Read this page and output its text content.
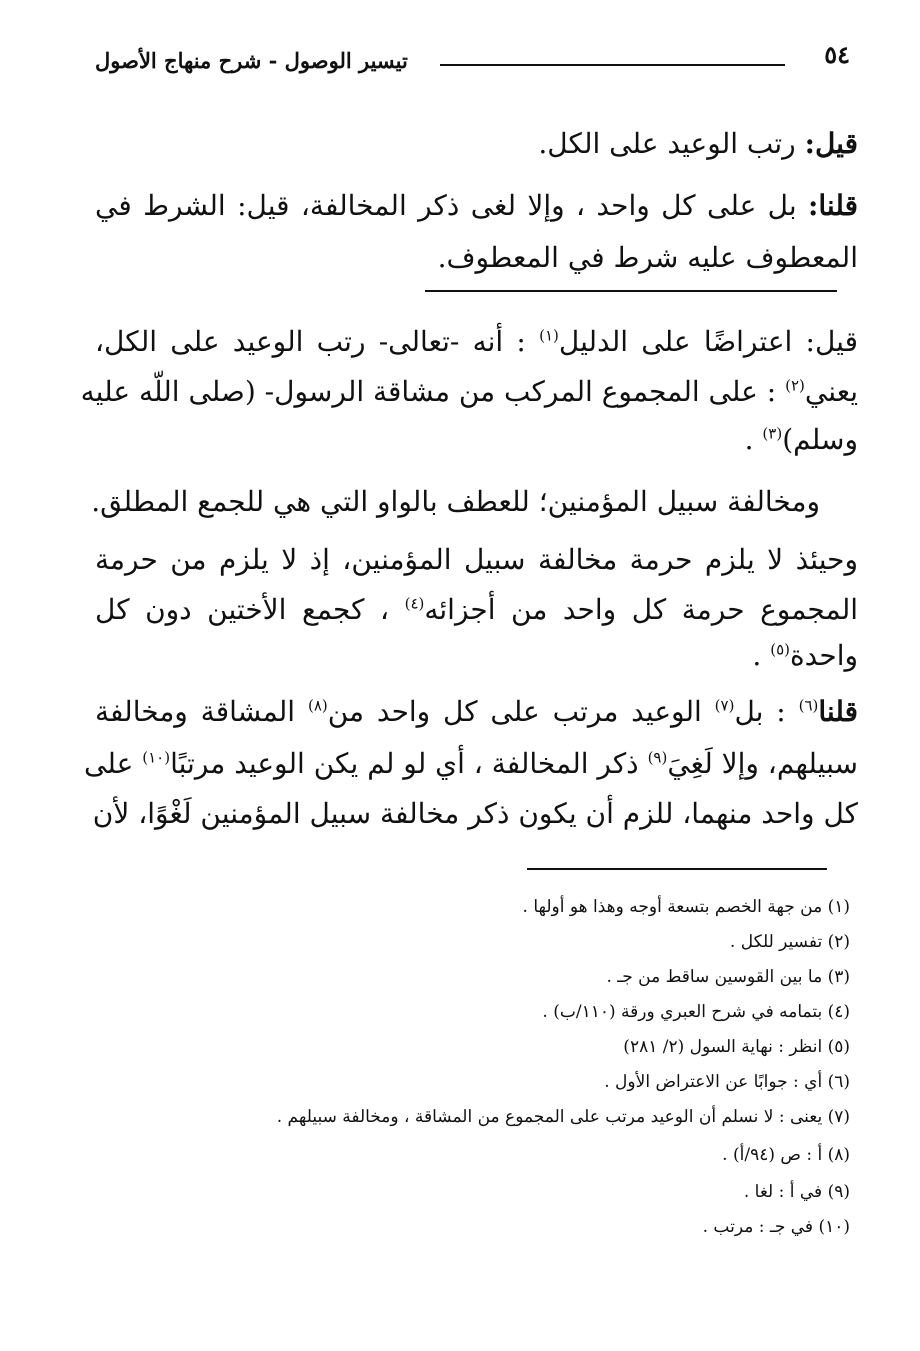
٥٤
تيسير الوصول - شرح منهاج الأصول
قيل: رتب الوعيد على الكل.
قلنا: بل على كل واحد ، وإلا لغى ذكر المخالفة، قيل: الشرط في
المعطوف عليه شرط في المعطوف.
قيل: اعتراضًا على الدليل$^{(١)}$ : أنه -تعالى- رتب الوعيد على الكل،
يعني$^{(٢)}$ : على المجموع المركب من مشاقة الرسول- (صلى اللّه عليه
وسلم)$^{(٣)}$ .
ومخالفة سبيل المؤمنين؛ للعطف بالواو التي هي للجمع المطلق.
وحيئذ لا يلزم حرمة مخالفة سبيل المؤمنين، إذ لا يلزم من حرمة
المجموع حرمة كل واحد من أجزائه$^{(٤)}$ ، كجمع الأختين دون كل
واحدة$^{(٥)}$ .
قلنا$^{(٦)}$ : بل$^{(٧)}$ الوعيد مرتب على كل واحد من$^{(٨)}$ المشاقة ومخالفة
سبيلهم، وإلا لَغِيَ$^{(٩)}$ ذكر المخالفة ، أي لو لم يكن الوعيد مرتبًا$^{(١٠)}$ على
كل واحد منهما، للزم أن يكون ذكر مخالفة سبيل المؤمنين لَغْوًا، لأن
(١) من جهة الخصم بتسعة أوجه وهذا هو أولها .
(٢) تفسير للكل .
(٣) ما بين القوسين ساقط من جـ .
(٤) بتمامه في شرح العبري ورقة (١١٠/ب) .
(٥) انظر : نهاية السول (٢/ ٢٨١)
(٦) أي : جوابًا عن الاعتراض الأول .
(٧) يعنى : لا نسلم أن الوعيد مرتب على المجموع من المشاقة ، ومخالفة سبيلهم .
(٨) أ : ص (٩٤/أ) .
(٩) في أ : لغا .
(١٠) في جـ : مرتب .
